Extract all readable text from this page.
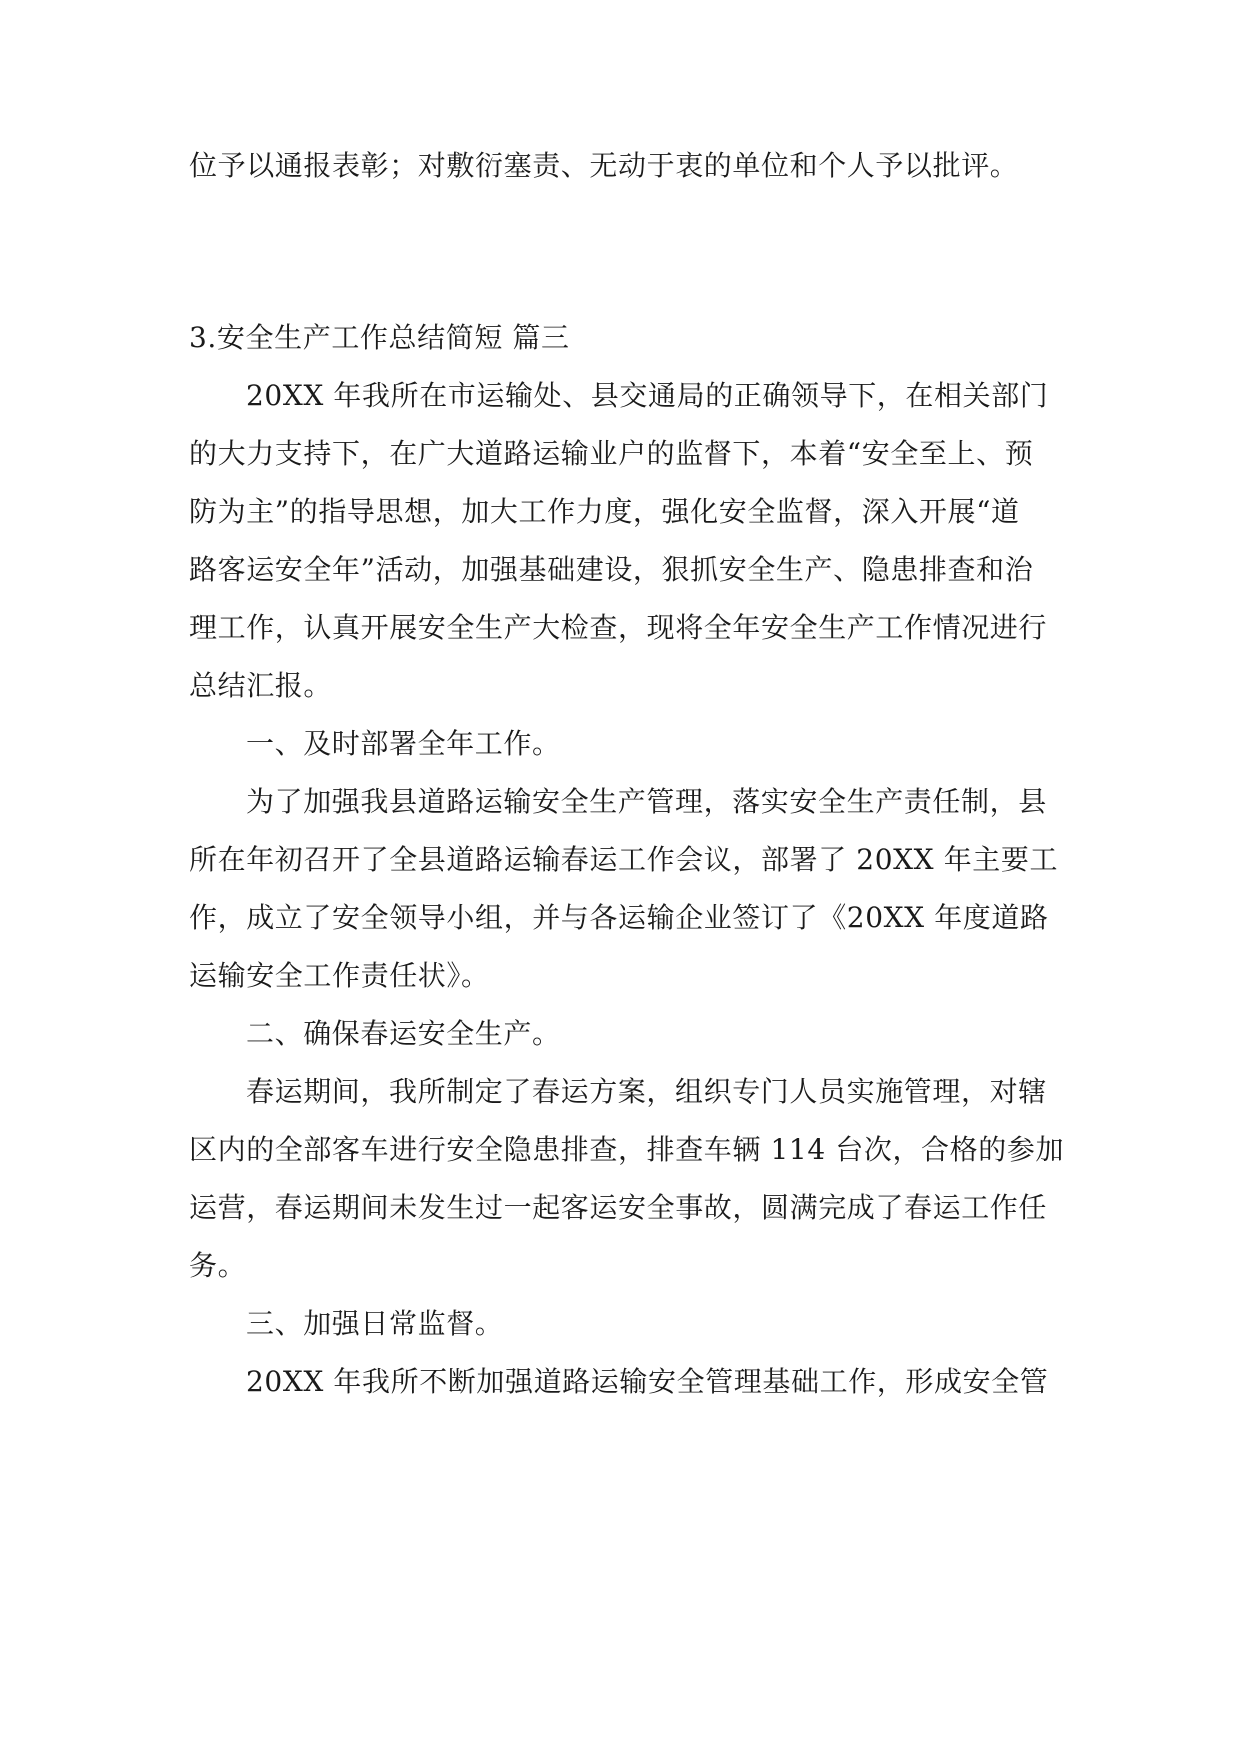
位予以通报表彰；对敷衍塞责、无动于衷的单位和个人予以批评。
3.安全生产工作总结简短 篇三
20XX 年我所在市运输处、县交通局的正确领导下，在相关部门
的大力支持下，在广大道路运输业户的监督下，本着“安全至上、预
防为主”的指导思想，加大工作力度，强化安全监督，深入开展“道
路客运安全年”活动，加强基础建设，狠抓安全生产、隐患排查和治
理工作，认真开展安全生产大检查，现将全年安全生产工作情况进行
总结汇报。
一、及时部署全年工作。
为了加强我县道路运输安全生产管理，落实安全生产责任制，县
所在年初召开了全县道路运输春运工作会议，部署了 20XX 年主要工
作，成立了安全领导小组，并与各运输企业签订了《20XX 年度道路
运输安全工作责任状》。
二、确保春运安全生产。
春运期间，我所制定了春运方案，组织专门人员实施管理，对辖
区内的全部客车进行安全隐患排查，排查车辆 114 台次，合格的参加
运营，春运期间未发生过一起客运安全事故，圆满完成了春运工作任
务。
三、加强日常监督。
20XX 年我所不断加强道路运输安全管理基础工作，形成安全管
